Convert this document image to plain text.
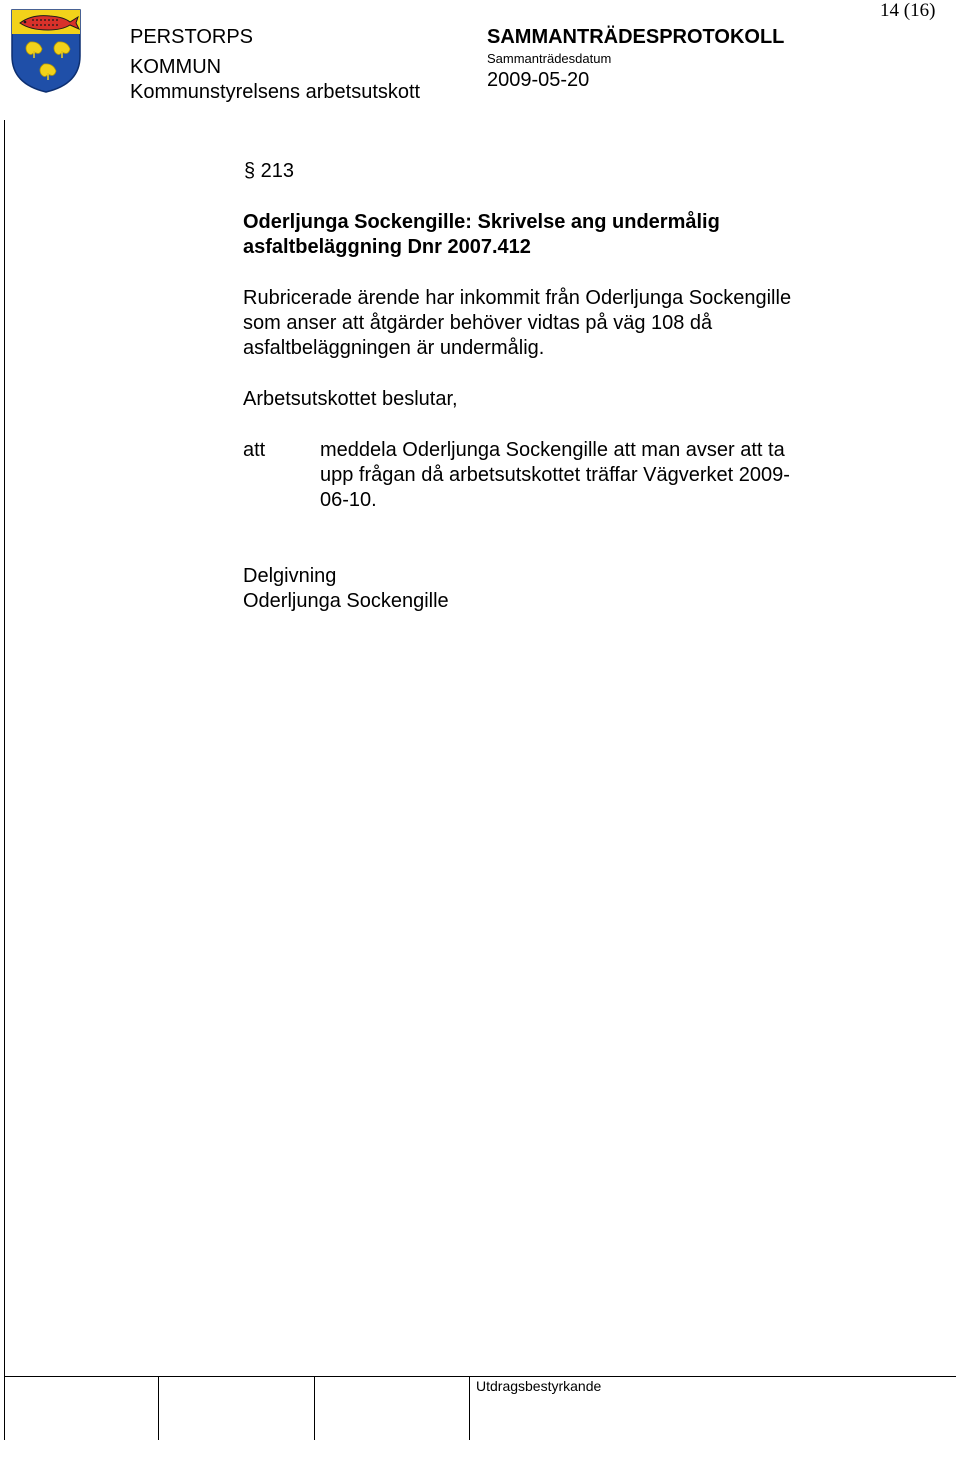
PERSTORPS
KOMMUN
Kommunstyrelsens arbetsutskott
SAMMANTRÄDESPROTOKOLL
Sammanträdesdatum
2009-05-20
14 (16)
§ 213
Oderljunga Sockengille: Skrivelse ang undermålig
asfaltbeläggning Dnr 2007.412
Rubricerade ärende har inkommit från Oderljunga Sockengille
som anser att åtgärder behöver vidtas på väg 108 då
asfaltbeläggningen är undermålig.
Arbetsutskottet beslutar,
att	meddela Oderljunga Sockengille att man avser att ta
upp frågan då arbetsutskottet träffar Vägverket 2009-
06-10.
Delgivning
Oderljunga Sockengille
Utdragsbestyrkande
